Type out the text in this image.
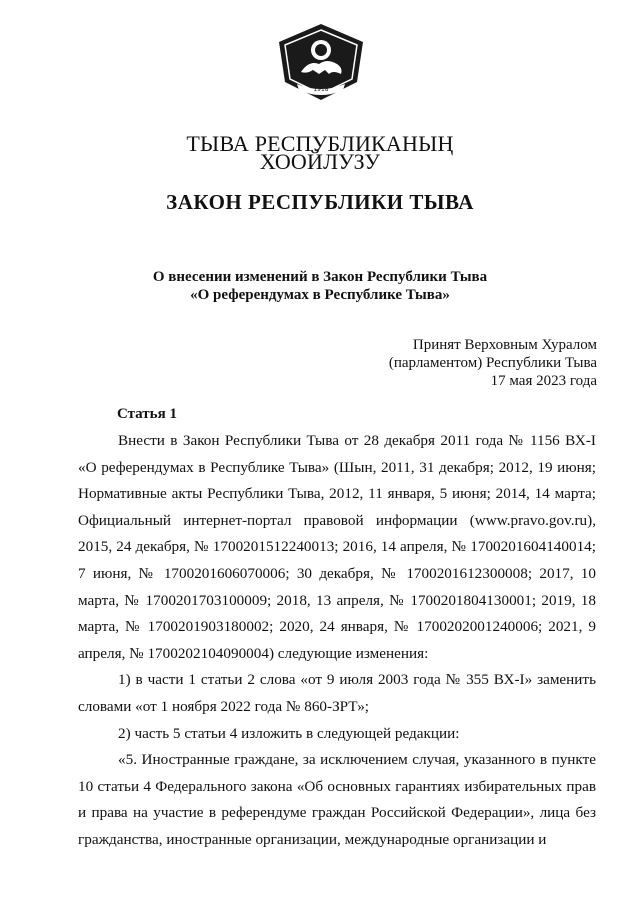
1918
ТЫВА РЕСПУБЛИКАНЫҢ
ХООЙЛУЗУ
ЗАКОН РЕСПУБЛИКИ ТЫВА
О внесении изменений в Закон Республики Тыва
«О референдумах в Республике Тыва»
Принят Верховным Хуралом
(парламентом) Республики Тыва
17 мая 2023 года
Статья 1

Внести в Закон Республики Тыва от 28 декабря 2011 года № 1156 ВХ-I «О референдумах в Республике Тыва» (Шын, 2011, 31 декабря; 2012, 19 июня; Нормативные акты Республики Тыва, 2012, 11 января, 5 июня; 2014, 14 марта; Официальный интернет-портал правовой информации (www.pravo.gov.ru), 2015, 24 декабря, № 1700201512240013; 2016, 14 апреля, № 1700201604140014; 7 июня, № 1700201606070006; 30 декабря, № 1700201612300008; 2017, 10 марта, № 1700201703100009; 2018, 13 апреля, № 1700201804130001; 2019, 18 марта, № 1700201903180002; 2020, 24 января, № 1700202001240006; 2021, 9 апреля, № 1700202104090004) следующие изменения:

1) в части 1 статьи 2 слова «от 9 июля 2003 года № 355 ВХ-I» заменить словами «от 1 ноября 2022 года № 860-ЗРТ»;

2) часть 5 статьи 4 изложить в следующей редакции:

«5. Иностранные граждане, за исключением случая, указанного в пункте 10 статьи 4 Федерального закона «Об основных гарантиях избирательных прав и права на участие в референдуме граждан Российской Федерации», лица без гражданства, иностранные организации, международные организации и
